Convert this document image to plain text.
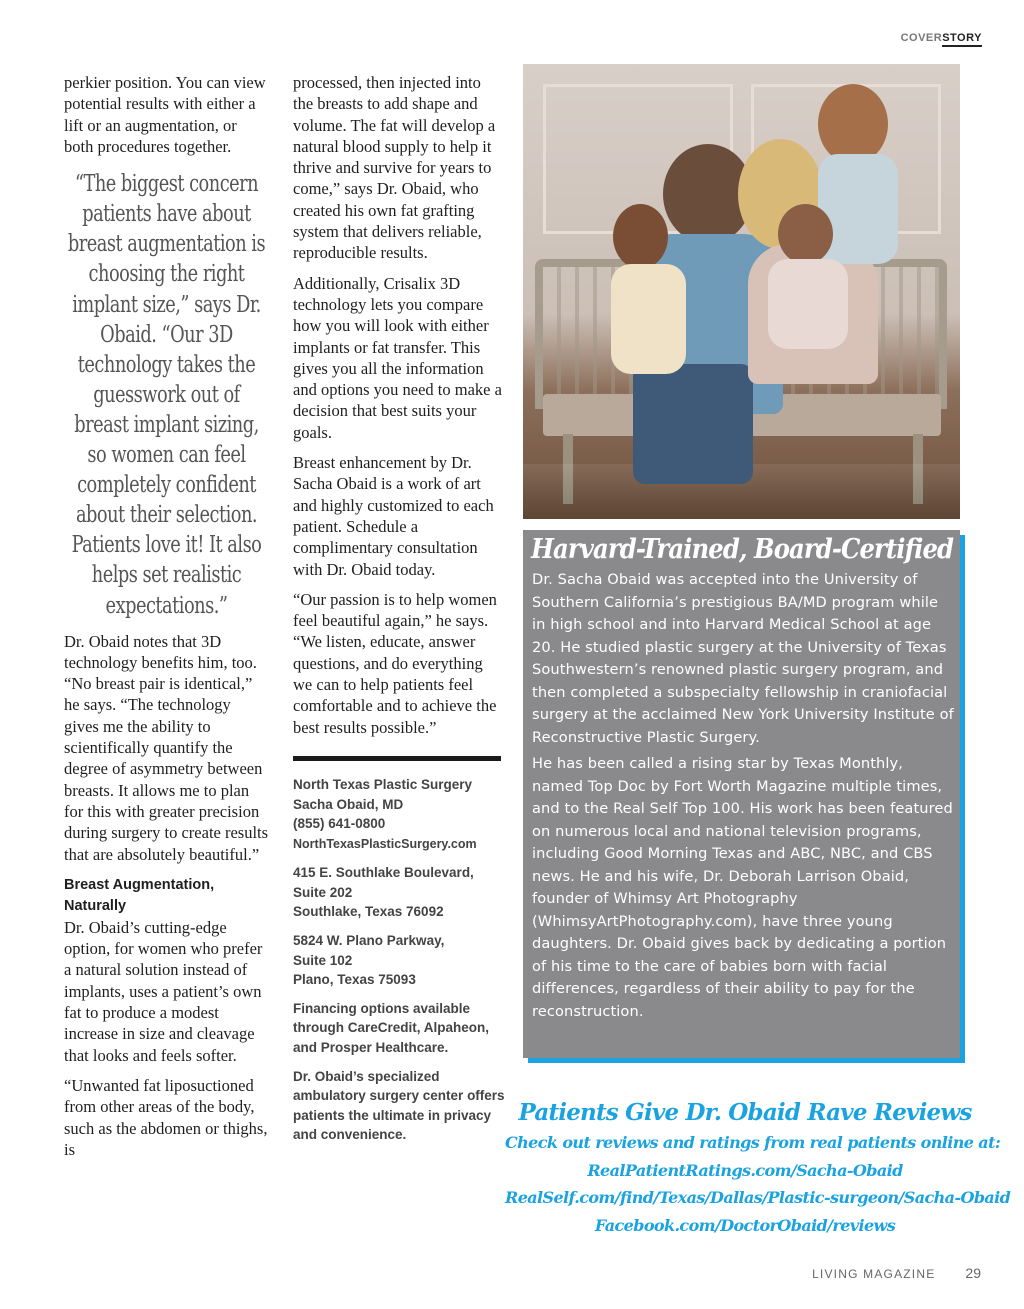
COVERSTORY

perkier position. You can view potential results with either a lift or an augmentation, or both procedures together.

“The biggest concern patients have about breast augmentation is choosing the right implant size,” says Dr. Obaid. “Our 3D technology takes the guesswork out of breast implant sizing, so women can feel completely confident about their selection. Patients love it! It also helps set realistic expectations.”

Dr. Obaid notes that 3D technology benefits him, too. “No breast pair is identical,” he says. “The technology gives me the ability to scientifically quantify the degree of asymmetry between breasts. It allows me to plan for this with greater precision during surgery to create results that are absolutely beautiful.”

Breast Augmentation, Naturally

Dr. Obaid’s cutting-edge option, for women who prefer a natural solution instead of implants, uses a patient’s own fat to produce a modest increase in size and cleavage that looks and feels softer.

“Unwanted fat liposuctioned from other areas of the body, such as the abdomen or thighs, is

processed, then injected into the breasts to add shape and volume. The fat will develop a natural blood supply to help it thrive and survive for years to come,” says Dr. Obaid, who created his own fat grafting system that delivers reliable, reproducible results.

Additionally, Crisalix 3D technology lets you compare how you will look with either implants or fat transfer. This gives you all the information and options you need to make a decision that best suits your goals.

Breast enhancement by Dr. Sacha Obaid is a work of art and highly customized to each patient. Schedule a complimentary consultation with Dr. Obaid today.

“Our passion is to help women feel beautiful again,” he says. “We listen, educate, answer questions, and do everything we can to help patients feel comfortable and to achieve the best results possible.”

North Texas Plastic Surgery
Sacha Obaid, MD
(855) 641-0800
NorthTexasPlasticSurgery.com

415 E. Southlake Boulevard,
Suite 202
Southlake, Texas 76092

5824 W. Plano Parkway,
Suite 102
Plano, Texas 75093

Financing options available through CareCredit, Alpaheon, and Prosper Healthcare.

Dr. Obaid’s specialized ambulatory surgery center offers patients the ultimate in privacy and convenience.

Harvard-Trained, Board-Certified

Dr. Sacha Obaid was accepted into the University of Southern California’s prestigious BA/MD program while in high school and into Harvard Medical School at age 20. He studied plastic surgery at the University of Texas Southwestern’s renowned plastic surgery program, and then completed a subspecialty fellowship in craniofacial surgery at the acclaimed New York University Institute of Reconstructive Plastic Surgery.

He has been called a rising star by Texas Monthly, named Top Doc by Fort Worth Magazine multiple times, and to the Real Self Top 100. His work has been featured on numerous local and national television programs, including Good Morning Texas and ABC, NBC, and CBS news. He and his wife, Dr. Deborah Larrison Obaid, founder of Whimsy Art Photography (WhimsyArtPhotography.com), have three young daughters. Dr. Obaid gives back by dedicating a portion of his time to the care of babies born with facial differences, regardless of their ability to pay for the reconstruction.

Patients Give Dr. Obaid Rave Reviews
Check out reviews and ratings from real patients online at:
RealPatientRatings.com/Sacha-Obaid
RealSelf.com/find/Texas/Dallas/Plastic-surgeon/Sacha-Obaid
Facebook.com/DoctorObaid/reviews
LIVING MAGAZINE 29
